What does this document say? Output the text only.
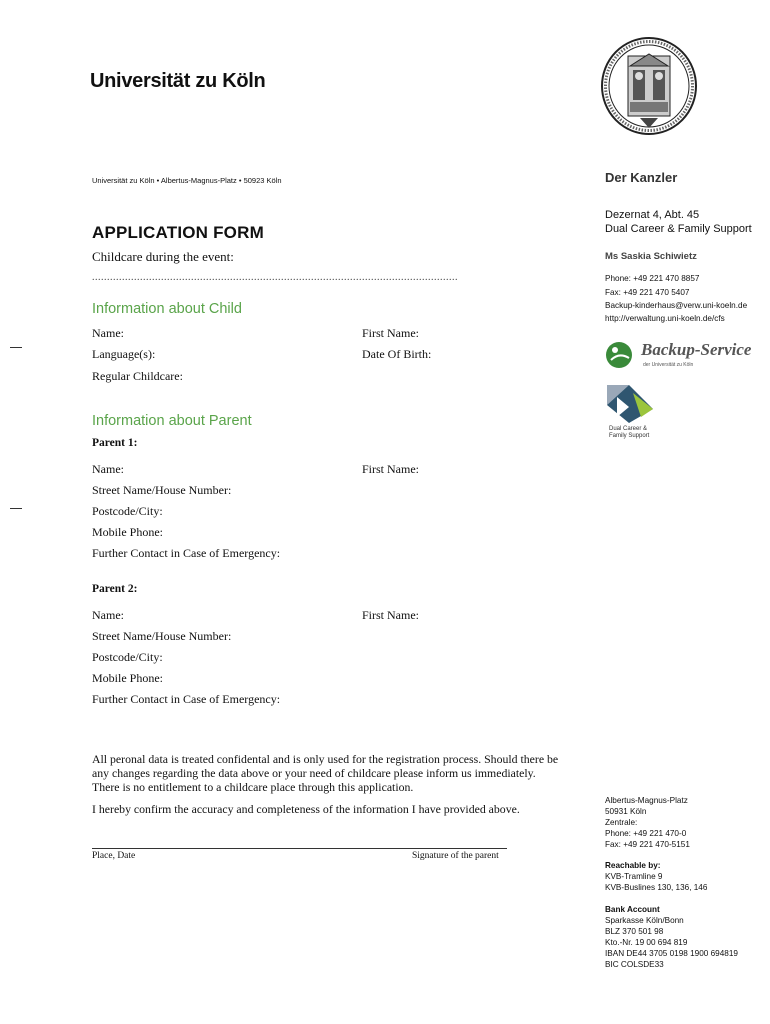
Universität zu Köln
Universität zu Köln • Albertus-Magnus-Platz • 50923 Köln	Der Kanzler
Dezernat 4, Abt. 45
Dual Career & Family Support
Ms Saskia Schiwietz
Phone: +49 221 470 8857
Fax: +49 221 470 5407
Backup-kinderhaus@verw.uni-koeln.de
http://verwaltung.uni-koeln.de/cfs
Backup-Service
der Universität zu Köln
Dual Career &
Family Support
APPLICATION FORM
Childcare during the event:
..........................................................................................................................
Information about Child
Name:	First Name:
Language(s):	Date Of Birth:
Regular Childcare:
Information about Parent
Parent 1:
Name:	First Name:
Street Name/House Number:
Postcode/City:
Mobile Phone:
Further Contact in Case of Emergency:
Parent 2:
Name:	First Name:
Street Name/House Number:
Postcode/City:
Mobile Phone:
Further Contact in Case of Emergency:
All peronal data is treated confidental and is only used for the registration process. Should there be any changes regarding the data above or your need of childcare please inform us immediately. There is no entitlement to a childcare place through this application.
I hereby confirm the accuracy and completeness of the information I have provided above.
Place, Date	Signature of the parent
Albertus-Magnus-Platz
50931 Köln
Zentrale:
Phone: +49 221 470-0
Fax: +49 221 470-5151
Reachable by:
KVB-Tramline 9
KVB-Buslines 130, 136, 146
Bank Account
Sparkasse Köln/Bonn
BLZ 370 501 98
Kto.-Nr. 19 00 694 819
IBAN DE44 3705 0198 1900 694819
BIC COLSDE33
